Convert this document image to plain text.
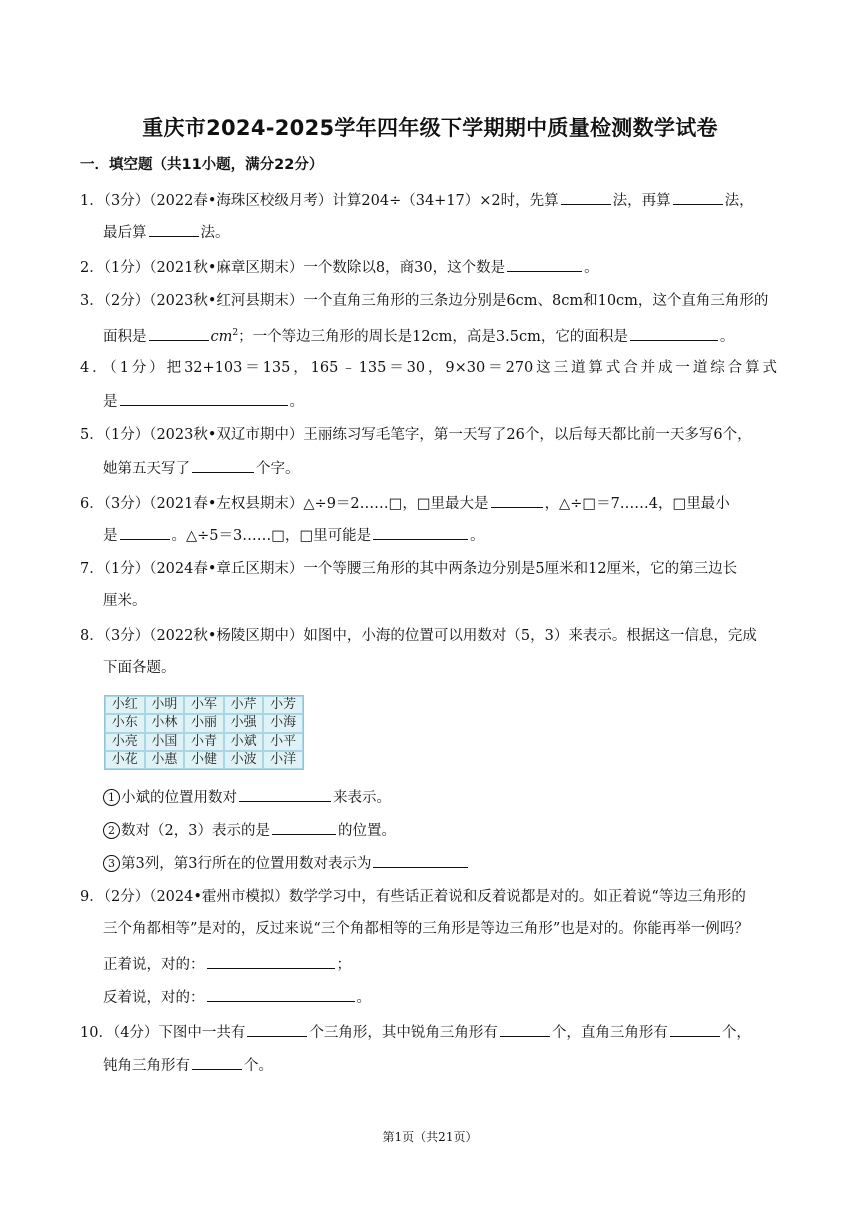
重庆市2024-2025学年四年级下学期期中质量检测数学试卷
一．填空题（共11小题，满分22分）
1．（3分）（2022春•海珠区校级月考）计算204÷（34+17）×2时，先算	法，再算	法，
最后算	法。
2．（1分）（2021秋•麻章区期末）一个数除以8，商30，这个数是	。
3．（2分）（2023秋•红河县期末）一个直角三角形的三条边分别是6cm、8cm和10cm，这个直角三角形的
面积是	$cm^2$；一个等边三角形的周长是12cm，高是3.5cm，它的面积是	。
4．（1分）把32+103＝135，165﹣135＝30，9×30＝270这三道算式合并成一道综合算式
是	。
5．（1分）（2023秋•双辽市期中）王丽练习写毛笔字，第一天写了26个，以后每天都比前一天多写6个，
她第五天写了	个字。
6．（3分）（2021春•左权县期末）△÷9＝2……□，□里最大是	，△÷□＝7……4，□里最小
是	。△÷5＝3……□，□里可能是	。
7．（1分）（2024春•章丘区期末）一个等腰三角形的其中两条边分别是5厘米和12厘米，它的第三边长
厘米。
8．（3分）（2022秋•杨陵区期中）如图中，小海的位置可以用数对（5，3）来表示。根据这一信息，完成
下面各题。
小红	小明	小军	小芹	小芳
小东	小林	小丽	小强	小海
小亮	小国	小青	小斌	小平
小花	小惠	小健	小波	小洋
1 小斌的位置用数对	来表示。
2 数对（2，3）表示的是	的位置。
3 第3列，第3行所在的位置用数对表示为
9．（2分）（2024•霍州市模拟）数学学习中，有些话正着说和反着说都是对的。如正着说“等边三角形的
三个角都相等”是对的，反过来说“三个角都相等的三角形是等边三角形”也是对的。你能再举一例吗？
正着说，对的：	；
反着说，对的：	。
10．（4分）下图中一共有	个三角形，其中锐角三角形有	个，直角三角形有	个，
钝角三角形有	个。
第1页（共21页）
